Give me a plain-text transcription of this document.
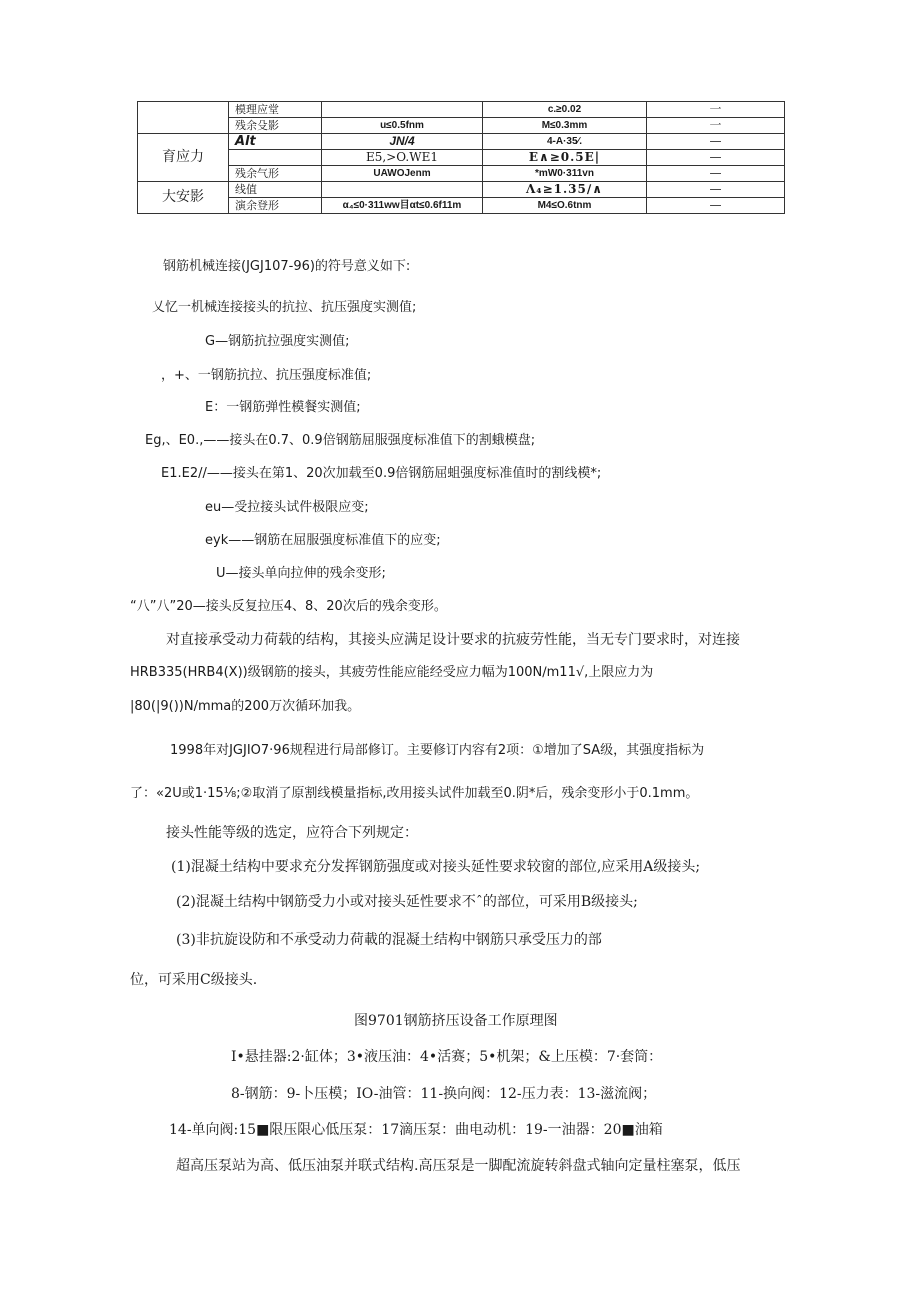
	模理应堂		c.≥0.02	一
	残余殳影	u≤0.5fnm	M≤0.3mm	一
育应力	Alt	JN/4	4-A·35∕.	—
		E5,>O.WE1	E∧≥0.5E|	—
	残余气形	UAWOJenm	*mW0·311vn	—
大安影	线值		Λ₄≥1.35∕∧	—
	演余登形	α₄≤0·311ww目αt≤0.6f11m	M4≤O.6tnm	—
钢筋机械连接(JGJ107-96)的符号意义如下:
乂忆一机械连接接头的抗拉、抗压强度实测值;
G—钢筋抗拉强度实测值;
，+、一钢筋抗拉、抗压强度标准值;
E：一钢筋弹性模餐实测值;
Eg,、E0.,——接头在0.7、0.9倍钢筋屈服强度标准值下的割蛾模盘;
E1.E2//——接头在第1、20次加载至0.9倍钢筋屈蛆强度标准值时的割线模*;
eu—受拉接头试件极限应变;
eyk——钢筋在屈服强度标准值下的应变;
U—接头单向拉伸的残余变形;
“八”八”20—接头反复拉压4、8、20次后的残余变形。
对直接承受动力荷载的结构，其接头应满足设计要求的抗疲劳性能，当无专门要求时，对连接
HRB335(HRB4(X))级钢筋的接头，其疲劳性能应能经受应力幅为100N∕m11√,上限应力为
|80(|9())N/mma的200万次循环加我。
1998年对JGJIO7·96规程进行局部修订。主要修订内容有2项：①增加了SA级，其强度指标为
了：«2U或1·15⅛;②取消了原割线模量指标,改用接头试件加载至0.阴*后，残余变形小于0.1mm。
接头性能等级的选定，应符合下列规定：
(1)混凝土结构中要求充分发挥钢筋强度或对接头延性要求较窗的部位,应采用A级接头;
(2)混凝土结构中钢筋受力小或对接头延性要求不ˆ的部位，可采用B级接头;
(3)非抗旋设防和不承受动力荷載的混凝土结构中钢筋只承受压力的部
位，可采用C级接头.
图9701钢筋挤压设备工作原理图
I•悬挂器:2·缸体；3•液压油：4•活赛；5•机架；&上压模：7·套筒：
8-钢筋：9-卜压模；IO-油管：11-换向阀：12-压力表：13-滋流阀；
14-单向阀:15■限压限心低压泵：17滴压泵：曲电动机：19-一油器：20■油箱
超高压泵站为高、低压油泵并联式结构.高压泵是一脚配流旋转斜盘式轴向定量柱塞泵，低压
